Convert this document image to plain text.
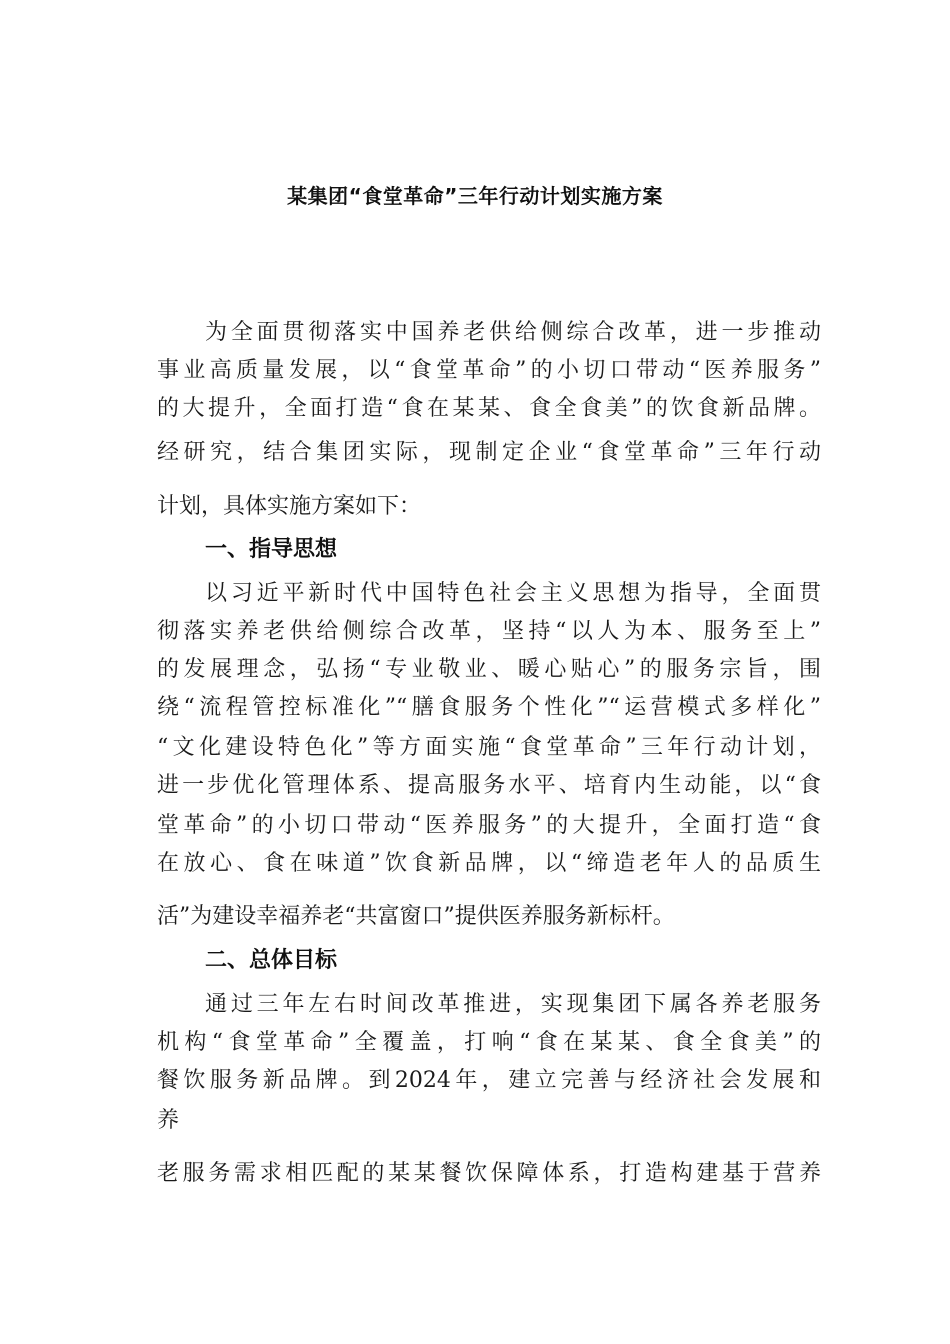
某集团“食堂革命”三年行动计划实施方案
为全面贯彻落实中国养老供给侧综合改革，进一步推动
事业高质量发展，以“食堂革命”的小切口带动“医养服务”
的大提升，全面打造“食在某某、食全食美”的饮食新品牌。
经研究，结合集团实际，现制定企业“食堂革命”三年行动
计划，具体实施方案如下：
一、指导思想
以习近平新时代中国特色社会主义思想为指导，全面贯
彻落实养老供给侧综合改革，坚持“以人为本、服务至上”
的发展理念，弘扬“专业敬业、暖心贴心”的服务宗旨，围
绕“流程管控标准化”“膳食服务个性化”“运营模式多样化”
“文化建设特色化”等方面实施“食堂革命”三年行动计划，
进一步优化管理体系、提高服务水平、培育内生动能，以“食
堂革命”的小切口带动“医养服务”的大提升，全面打造“食
在放心、食在味道”饮食新品牌，以“缔造老年人的品质生
活”为建设幸福养老“共富窗口”提供医养服务新标杆。
二、总体目标
通过三年左右时间改革推进，实现集团下属各养老服务
机构“食堂革命”全覆盖，打响“食在某某、食全食美”的
餐饮服务新品牌。到2024年，建立完善与经济社会发展和
养
老服务需求相匹配的某某餐饮保障体系，打造构建基于营养
